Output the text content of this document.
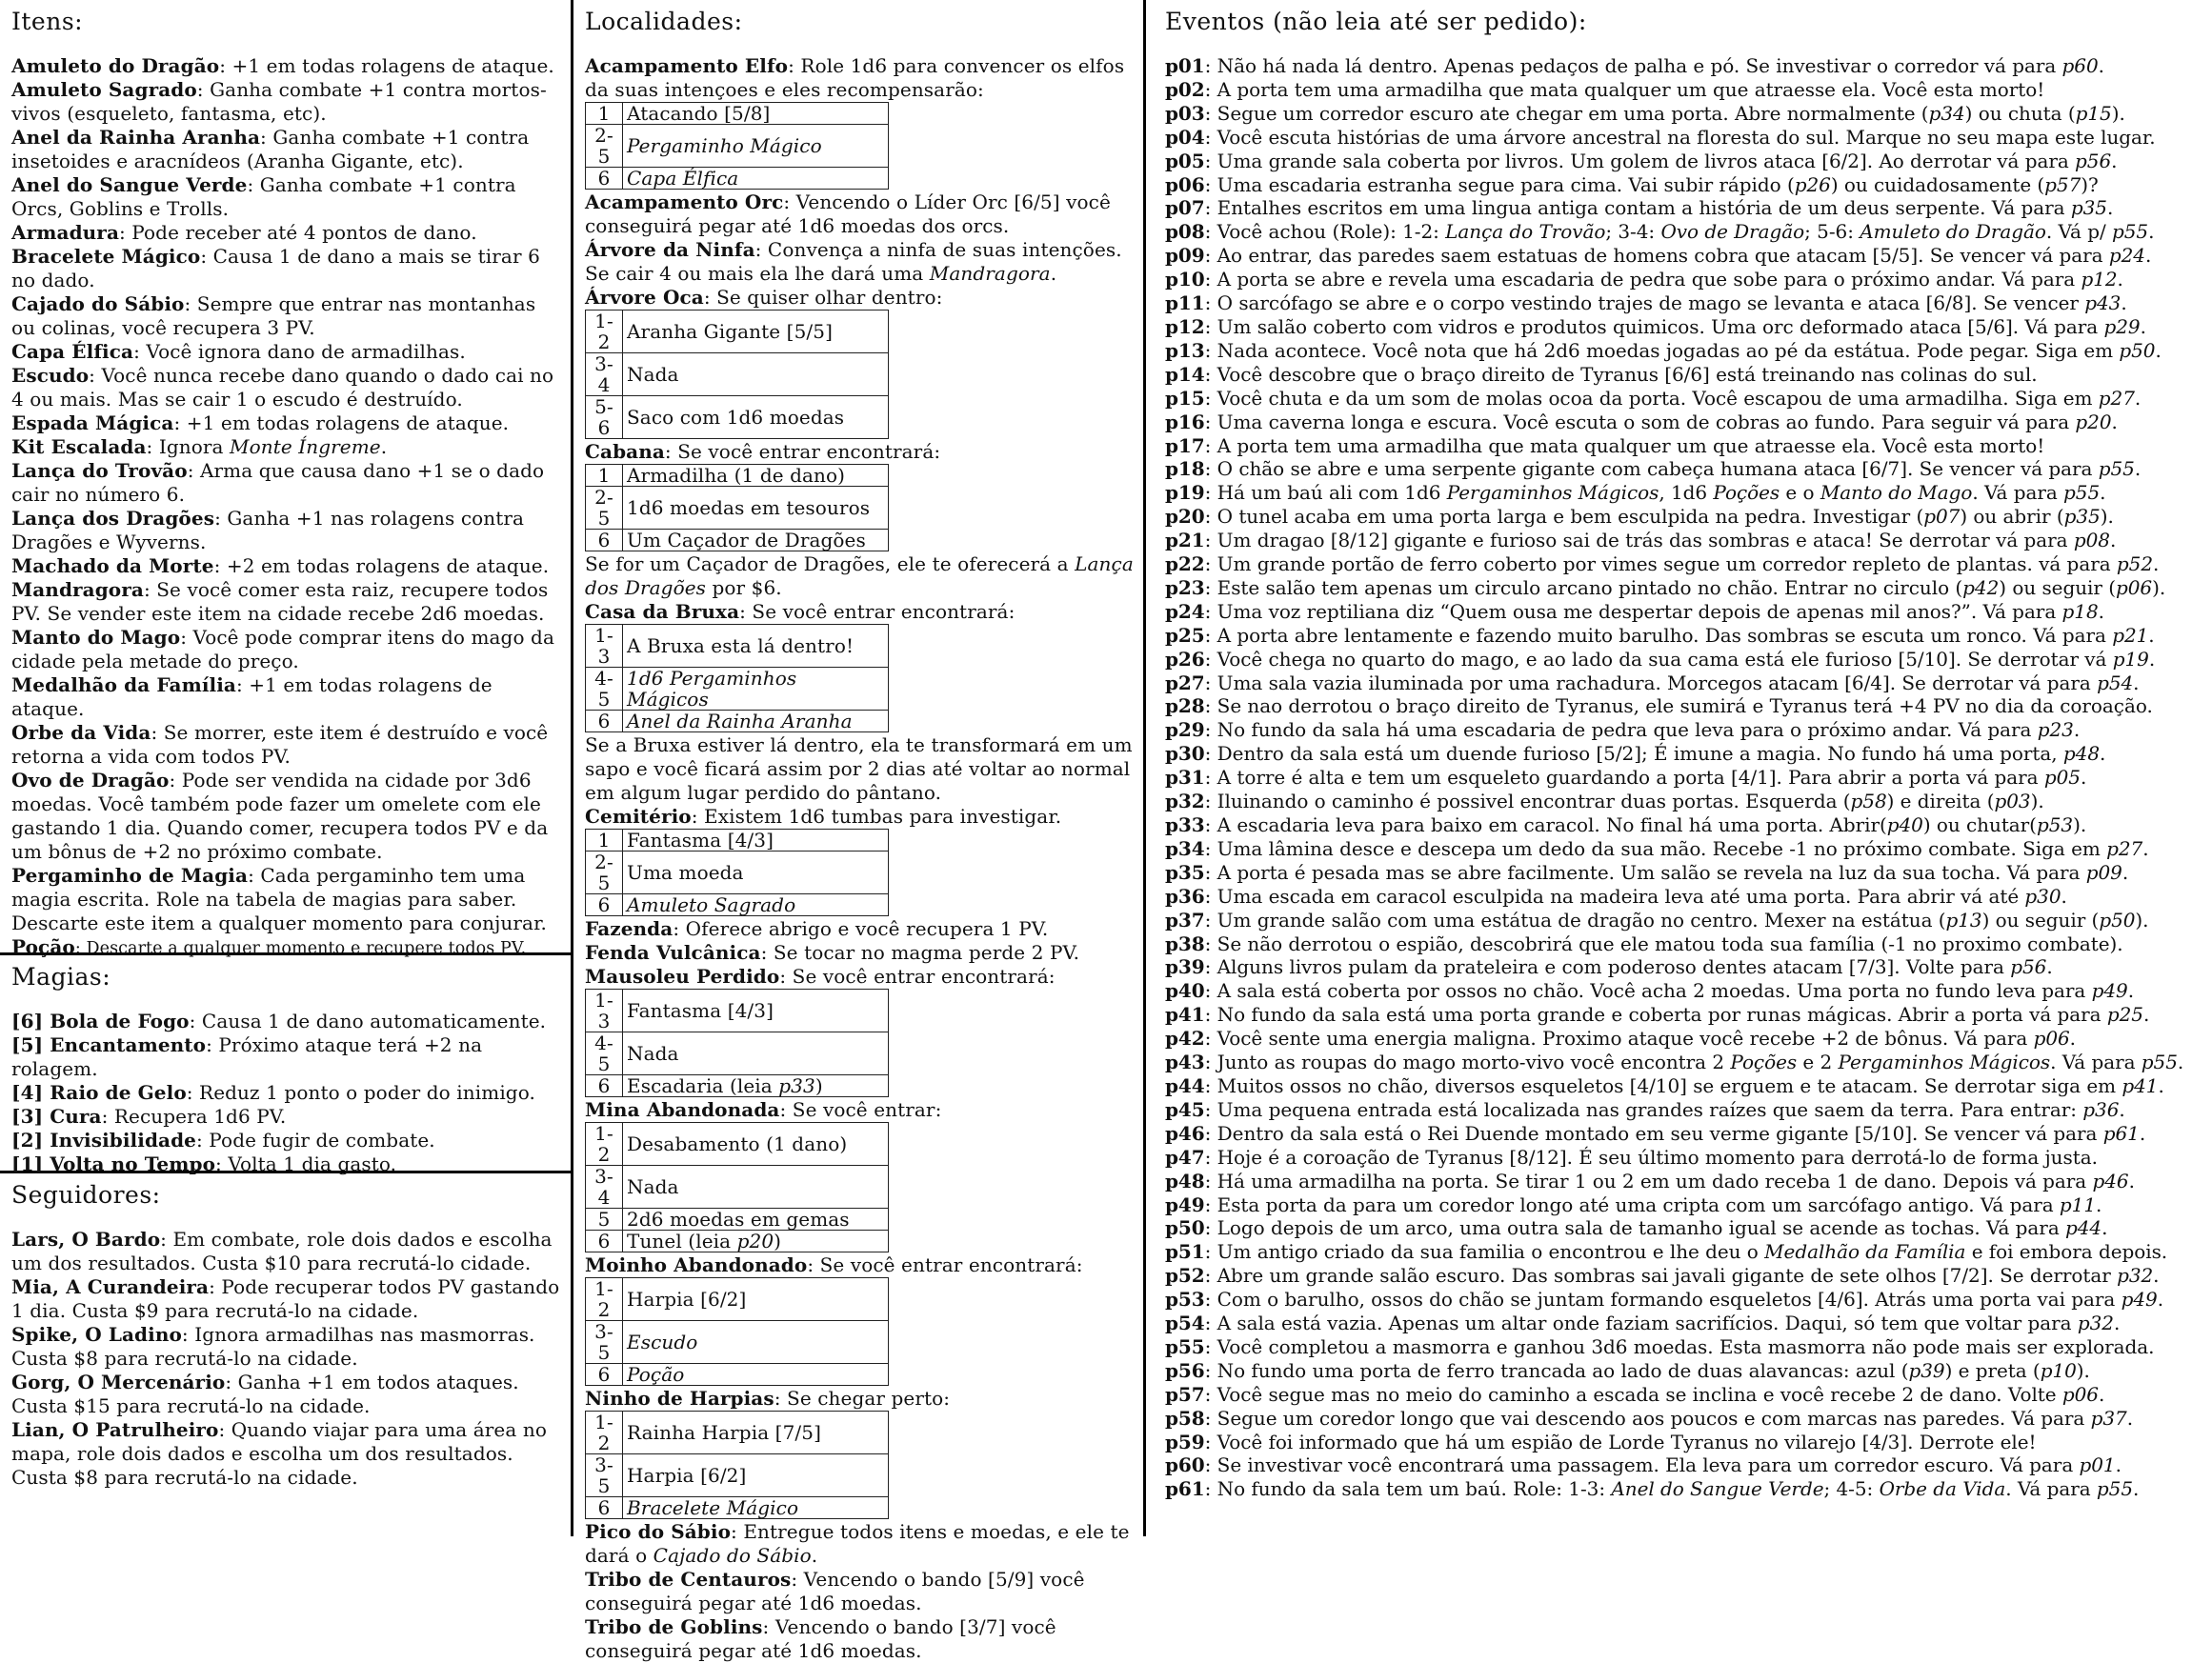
Itens:
Amuleto do Dragão: +1 em todas rolagens de ataque.
Amuleto Sagrado: Ganha combate +1 contra mortos-vivos (esqueleto, fantasma, etc).
Anel da Rainha Aranha: Ganha combate +1 contra insetoides e aracnídeos (Aranha Gigante, etc).
Anel do Sangue Verde: Ganha combate +1 contra Orcs, Goblins e Trolls.
Armadura: Pode receber até 4 pontos de dano.
Bracelete Mágico: Causa 1 de dano a mais se tirar 6 no dado.
Cajado do Sábio: Sempre que entrar nas montanhas ou colinas, você recupera 3 PV.
Capa Élfica: Você ignora dano de armadilhas.
Escudo: Você nunca recebe dano quando o dado cai no 4 ou mais. Mas se cair 1 o escudo é destruído.
Espada Mágica: +1 em todas rolagens de ataque.
Kit Escalada: Ignora Monte Íngreme.
Lança do Trovão: Arma que causa dano +1 se o dado cair no número 6.
Lança dos Dragões: Ganha +1 nas rolagens contra Dragões e Wyverns.
Machado da Morte: +2 em todas rolagens de ataque.
Mandragora: Se você comer esta raiz, recupere todos PV. Se vender este item na cidade recebe 2d6 moedas.
Manto do Mago: Você pode comprar itens do mago da cidade pela metade do preço.
Medalhão da Família: +1 em todas rolagens de ataque.
Orbe da Vida: Se morrer, este item é destruído e você retorna a vida com todos PV.
Ovo de Dragão: Pode ser vendida na cidade por 3d6 moedas. Você também pode fazer um omelete com ele gastando 1 dia. Quando comer, recupera todos PV e da um bônus de +2 no próximo combate.
Pergaminho de Magia: Cada pergaminho tem uma magia escrita. Role na tabela de magias para saber. Descarte este item a qualquer momento para conjurar.
Poção: Descarte a qualquer momento e recupere todos PV.
Magias:
[6] Bola de Fogo: Causa 1 de dano automaticamente.
[5] Encantamento: Próximo ataque terá +2 na rolagem.
[4] Raio de Gelo: Reduz 1 ponto o poder do inimigo.
[3] Cura: Recupera 1d6 PV.
[2] Invisibilidade: Pode fugir de combate.
[1] Volta no Tempo: Volta 1 dia gasto.
Seguidores:
Lars, O Bardo: Em combate, role dois dados e escolha um dos resultados. Custa $10 para recrutá-lo cidade.
Mia, A Curandeira: Pode recuperar todos PV gastando 1 dia. Custa $9 para recrutá-lo na cidade.
Spike, O Ladino: Ignora armadilhas nas masmorras. Custa $8 para recrutá-lo na cidade.
Gorg, O Mercenário: Ganha +1 em todos ataques. Custa $15 para recrutá-lo na cidade.
Lian, O Patrulheiro: Quando viajar para uma área no mapa, role dois dados e escolha um dos resultados. Custa $8 para recrutá-lo na cidade.
Localidades:
Acampamento Elfo: Role 1d6 para convencer os elfos da suas intençoes e eles recompensarão:
1	Atacando [5/8]
2-5	Pergaminho Mágico
6	Capa Élfica
Acampamento Orc: Vencendo o Líder Orc [6/5] você conseguirá pegar até 1d6 moedas dos orcs.
Árvore da Ninfa: Convença a ninfa de suas intenções. Se cair 4 ou mais ela lhe dará uma Mandragora.
Árvore Oca: Se quiser olhar dentro:
1-2	Aranha Gigante [5/5]
3-4	Nada
5-6	Saco com 1d6 moedas
Cabana: Se você entrar encontrará:
1	Armadilha (1 de dano)
2-5	1d6 moedas em tesouros
6	Um Caçador de Dragões
Se for um Caçador de Dragões, ele te oferecerá a Lança dos Dragões por $6.
Casa da Bruxa: Se você entrar encontrará:
1-3	A Bruxa esta lá dentro!
4-5	1d6 Pergaminhos Mágicos
6	Anel da Rainha Aranha
Se a Bruxa estiver lá dentro, ela te transformará em um sapo e você ficará assim por 2 dias até voltar ao normal em algum lugar perdido do pântano.
Cemitério: Existem 1d6 tumbas para investigar.
1	Fantasma [4/3]
2-5	Uma moeda
6	Amuleto Sagrado
Fazenda: Oferece abrigo e você recupera 1 PV.
Fenda Vulcânica: Se tocar no magma perde 2 PV.
Mausoleu Perdido: Se você entrar encontrará:
1-3	Fantasma [4/3]
4-5	Nada
6	Escadaria (leia p33)
Mina Abandonada: Se você entrar:
1-2	Desabamento (1 dano)
3-4	Nada
5	2d6 moedas em gemas
6	Tunel (leia p20)
Moinho Abandonado: Se você entrar encontrará:
1-2	Harpia [6/2]
3-5	Escudo
6	Poção
Ninho de Harpias: Se chegar perto:
1-2	Rainha Harpia [7/5]
3-5	Harpia [6/2]
6	Bracelete Mágico
Pico do Sábio: Entregue todos itens e moedas, e ele te dará o Cajado do Sábio.
Tribo de Centauros: Vencendo o bando [5/9] você conseguirá pegar até 1d6 moedas.
Tribo de Goblins: Vencendo o bando [3/7] você conseguirá pegar até 1d6 moedas.
Eventos (não leia até ser pedido):
p01: Não há nada lá dentro. Apenas pedaços de palha e pó. Se investivar o corredor vá para p60.
p02: A porta tem uma armadilha que mata qualquer um que atraesse ela. Você esta morto!
p03: Segue um corredor escuro ate chegar em uma porta. Abre normalmente (p34) ou chuta (p15).
p04: Você escuta histórias de uma árvore ancestral na floresta do sul. Marque no seu mapa este lugar.
p05: Uma grande sala coberta por livros. Um golem de livros ataca [6/2]. Ao derrotar vá para p56.
p06: Uma escadaria estranha segue para cima. Vai subir rápido (p26) ou cuidadosamente (p57)?
p07: Entalhes escritos em uma lingua antiga contam a história de um deus serpente. Vá para p35.
p08: Você achou (Role): 1-2: Lança do Trovão; 3-4: Ovo de Dragão; 5-6: Amuleto do Dragão. Vá p/ p55.
p09: Ao entrar, das paredes saem estatuas de homens cobra que atacam [5/5]. Se vencer vá para p24.
p10: A porta se abre e revela uma escadaria de pedra que sobe para o próximo andar. Vá para p12.
p11: O sarcófago se abre e o corpo vestindo trajes de mago se levanta e ataca [6/8]. Se vencer p43.
p12: Um salão coberto com vidros e produtos quimicos. Uma orc deformado ataca [5/6]. Vá para p29.
p13: Nada acontece. Você nota que há 2d6 moedas jogadas ao pé da estátua. Pode pegar. Siga em p50.
p14: Você descobre que o braço direito de Tyranus [6/6] está treinando nas colinas do sul.
p15: Você chuta e da um som de molas ocoa da porta. Você escapou de uma armadilha. Siga em p27.
p16: Uma caverna longa e escura. Você escuta o som de cobras ao fundo. Para seguir vá para p20.
p17: A porta tem uma armadilha que mata qualquer um que atraesse ela. Você esta morto!
p18: O chão se abre e uma serpente gigante com cabeça humana ataca [6/7]. Se vencer vá para p55.
p19: Há um baú ali com 1d6 Pergaminhos Mágicos, 1d6 Poções e o Manto do Mago. Vá para p55.
p20: O tunel acaba em uma porta larga e bem esculpida na pedra. Investigar (p07) ou abrir (p35).
p21: Um dragao [8/12] gigante e furioso sai de trás das sombras e ataca! Se derrotar vá para p08.
p22: Um grande portão de ferro coberto por vimes segue um corredor repleto de plantas. vá para p52.
p23: Este salão tem apenas um circulo arcano pintado no chão. Entrar no circulo (p42) ou seguir (p06).
p24: Uma voz reptiliana diz “Quem ousa me despertar depois de apenas mil anos?”. Vá para p18.
p25: A porta abre lentamente e fazendo muito barulho. Das sombras se escuta um ronco. Vá para p21.
p26: Você chega no quarto do mago, e ao lado da sua cama está ele furioso [5/10]. Se derrotar vá p19.
p27: Uma sala vazia iluminada por uma rachadura. Morcegos atacam [6/4]. Se derrotar vá para p54.
p28: Se nao derrotou o braço direito de Tyranus, ele sumirá e Tyranus terá +4 PV no dia da coroação.
p29: No fundo da sala há uma escadaria de pedra que leva para o próximo andar. Vá para p23.
p30: Dentro da sala está um duende furioso [5/2]; É imune a magia. No fundo há uma porta, p48.
p31: A torre é alta e tem um esqueleto guardando a porta [4/1]. Para abrir a porta vá para p05.
p32: Iluinando o caminho é possivel encontrar duas portas. Esquerda (p58) e direita (p03).
p33: A escadaria leva para baixo em caracol. No final há uma porta. Abrir(p40) ou chutar(p53).
p34: Uma lâmina desce e descepa um dedo da sua mão. Recebe -1 no próximo combate. Siga em p27.
p35: A porta é pesada mas se abre facilmente. Um salão se revela na luz da sua tocha. Vá para p09.
p36: Uma escada em caracol esculpida na madeira leva até uma porta. Para abrir vá até p30.
p37: Um grande salão com uma estátua de dragão no centro. Mexer na estátua (p13) ou seguir (p50).
p38: Se não derrotou o espião, descobrirá que ele matou toda sua família (-1 no proximo combate).
p39: Alguns livros pulam da prateleira e com poderoso dentes atacam [7/3]. Volte para p56.
p40: A sala está coberta por ossos no chão. Você acha 2 moedas. Uma porta no fundo leva para p49.
p41: No fundo da sala está uma porta grande e coberta por runas mágicas. Abrir a porta vá para p25.
p42: Você sente uma energia maligna. Proximo ataque você recebe +2 de bônus. Vá para p06.
p43: Junto as roupas do mago morto-vivo você encontra 2 Poções e 2 Pergaminhos Mágicos. Vá para p55.
p44: Muitos ossos no chão, diversos esqueletos [4/10] se erguem e te atacam. Se derrotar siga em p41.
p45: Uma pequena entrada está localizada nas grandes raízes que saem da terra. Para entrar: p36.
p46: Dentro da sala está o Rei Duende montado em seu verme gigante [5/10]. Se vencer vá para p61.
p47: Hoje é a coroação de Tyranus [8/12]. É seu último momento para derrotá-lo de forma justa.
p48: Há uma armadilha na porta. Se tirar 1 ou 2 em um dado receba 1 de dano. Depois vá para p46.
p49: Esta porta da para um coredor longo até uma cripta com um sarcófago antigo. Vá para p11.
p50: Logo depois de um arco, uma outra sala de tamanho igual se acende as tochas. Vá para p44.
p51: Um antigo criado da sua familia o encontrou e lhe deu o Medalhão da Família e foi embora depois.
p52: Abre um grande salão escuro. Das sombras sai javali gigante de sete olhos [7/2]. Se derrotar p32.
p53: Com o barulho, ossos do chão se juntam formando esqueletos [4/6]. Atrás uma porta vai para p49.
p54: A sala está vazia. Apenas um altar onde faziam sacrifícios. Daqui, só tem que voltar para p32.
p55: Você completou a masmorra e ganhou 3d6 moedas. Esta masmorra não pode mais ser explorada.
p56: No fundo uma porta de ferro trancada ao lado de duas alavancas: azul (p39) e preta (p10).
p57: Você segue mas no meio do caminho a escada se inclina e você recebe 2 de dano. Volte p06.
p58: Segue um coredor longo que vai descendo aos poucos e com marcas nas paredes. Vá para p37.
p59: Você foi informado que há um espião de Lorde Tyranus no vilarejo [4/3]. Derrote ele!
p60: Se investivar você encontrará uma passagem. Ela leva para um corredor escuro. Vá para p01.
p61: No fundo da sala tem um baú. Role: 1-3: Anel do Sangue Verde; 4-5: Orbe da Vida. Vá para p55.
